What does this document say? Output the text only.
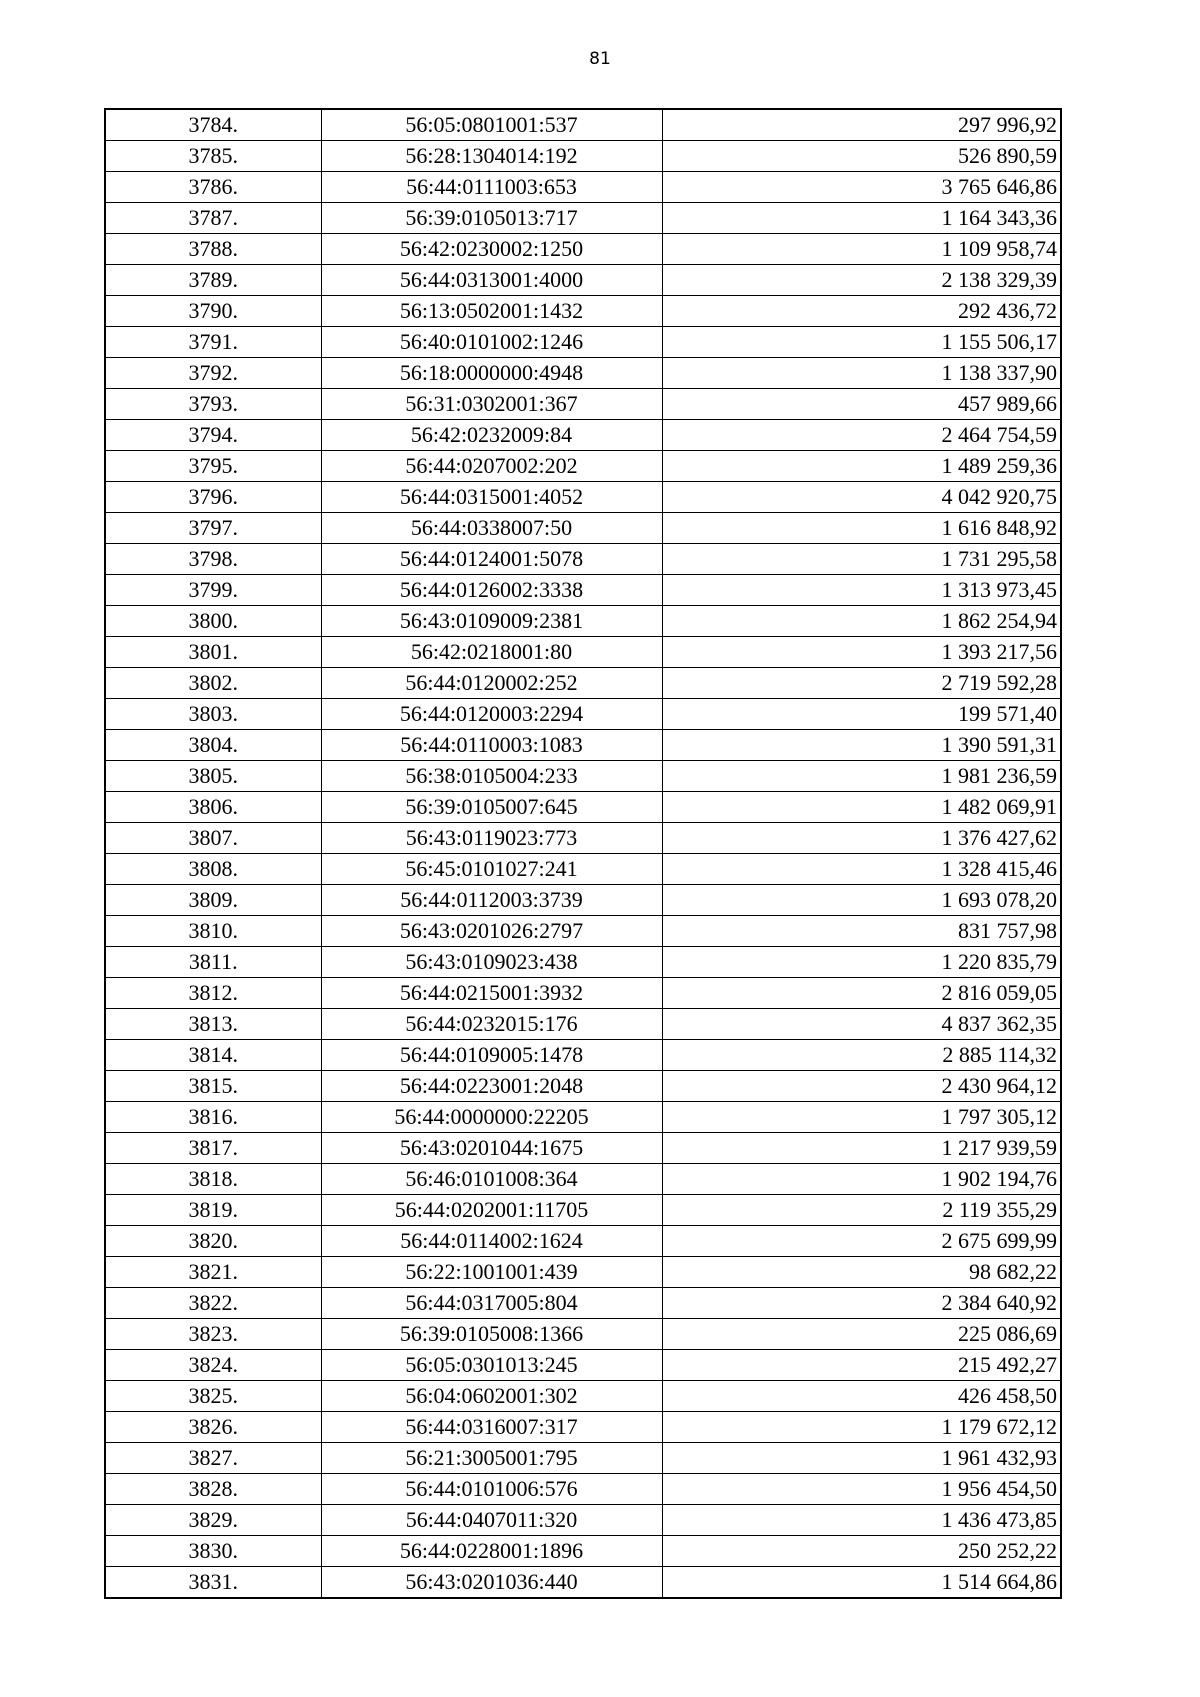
81
3784.	56:05:0801001:537	297 996,92
3785.	56:28:1304014:192	526 890,59
3786.	56:44:0111003:653	3 765 646,86
3787.	56:39:0105013:717	1 164 343,36
3788.	56:42:0230002:1250	1 109 958,74
3789.	56:44:0313001:4000	2 138 329,39
3790.	56:13:0502001:1432	292 436,72
3791.	56:40:0101002:1246	1 155 506,17
3792.	56:18:0000000:4948	1 138 337,90
3793.	56:31:0302001:367	457 989,66
3794.	56:42:0232009:84	2 464 754,59
3795.	56:44:0207002:202	1 489 259,36
3796.	56:44:0315001:4052	4 042 920,75
3797.	56:44:0338007:50	1 616 848,92
3798.	56:44:0124001:5078	1 731 295,58
3799.	56:44:0126002:3338	1 313 973,45
3800.	56:43:0109009:2381	1 862 254,94
3801.	56:42:0218001:80	1 393 217,56
3802.	56:44:0120002:252	2 719 592,28
3803.	56:44:0120003:2294	199 571,40
3804.	56:44:0110003:1083	1 390 591,31
3805.	56:38:0105004:233	1 981 236,59
3806.	56:39:0105007:645	1 482 069,91
3807.	56:43:0119023:773	1 376 427,62
3808.	56:45:0101027:241	1 328 415,46
3809.	56:44:0112003:3739	1 693 078,20
3810.	56:43:0201026:2797	831 757,98
3811.	56:43:0109023:438	1 220 835,79
3812.	56:44:0215001:3932	2 816 059,05
3813.	56:44:0232015:176	4 837 362,35
3814.	56:44:0109005:1478	2 885 114,32
3815.	56:44:0223001:2048	2 430 964,12
3816.	56:44:0000000:22205	1 797 305,12
3817.	56:43:0201044:1675	1 217 939,59
3818.	56:46:0101008:364	1 902 194,76
3819.	56:44:0202001:11705	2 119 355,29
3820.	56:44:0114002:1624	2 675 699,99
3821.	56:22:1001001:439	98 682,22
3822.	56:44:0317005:804	2 384 640,92
3823.	56:39:0105008:1366	225 086,69
3824.	56:05:0301013:245	215 492,27
3825.	56:04:0602001:302	426 458,50
3826.	56:44:0316007:317	1 179 672,12
3827.	56:21:3005001:795	1 961 432,93
3828.	56:44:0101006:576	1 956 454,50
3829.	56:44:0407011:320	1 436 473,85
3830.	56:44:0228001:1896	250 252,22
3831.	56:43:0201036:440	1 514 664,86
